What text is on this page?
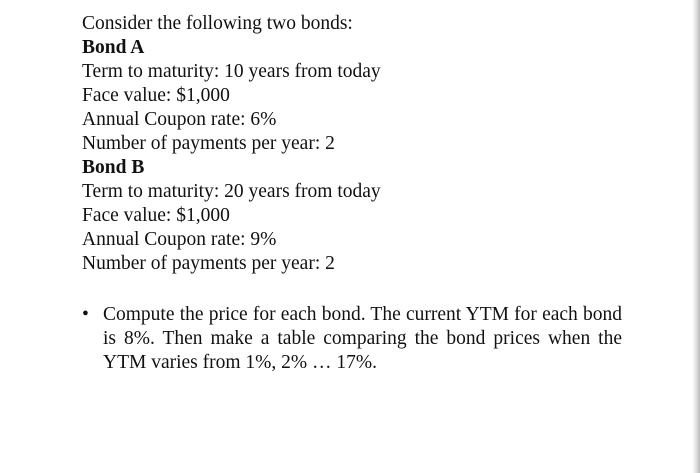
Consider the following two bonds:
Bond A
Term to maturity: 10 years from today
Face value: $1,000
Annual Coupon rate: 6%
Number of payments per year: 2
Bond B
Term to maturity: 20 years from today
Face value: $1,000
Annual Coupon rate: 9%
Number of payments per year: 2
• Compute the price for each bond. The current YTM for each bond is 8%. Then make a table comparing the bond prices when the YTM varies from 1%, 2% … 17%.
